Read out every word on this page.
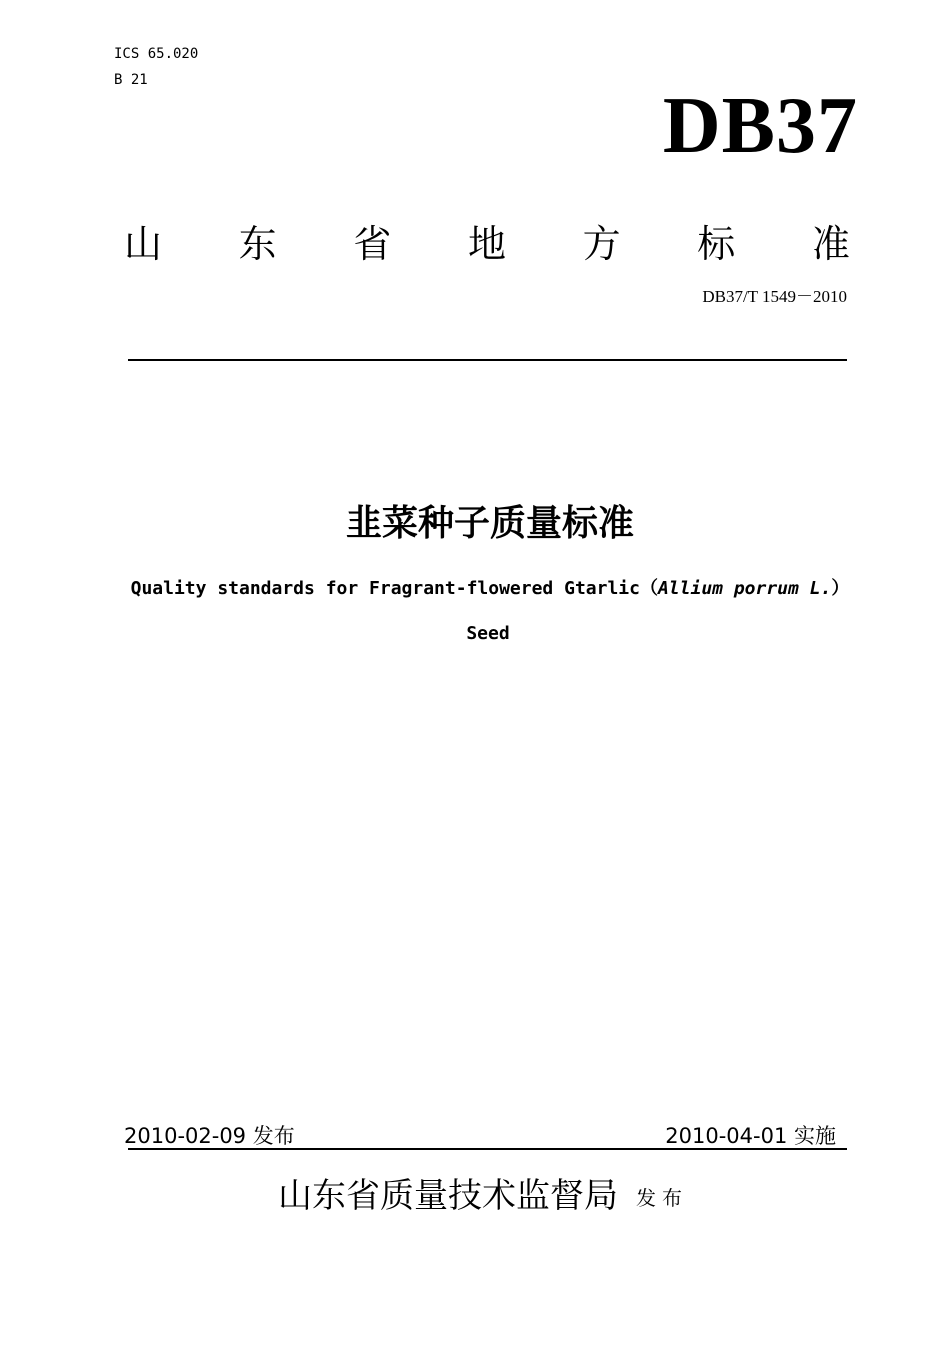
ICS 65.020
B 21
DB37
山 东 省 地 方 标 准
DB37/T 1549－2010
韭菜种子质量标准
Quality standards for Fragrant-flowered Gtarlic（Allium porrum L.）
Seed
2010-02-09 发布	2010-04-01 实施
山东省质量技术监督局 发布
